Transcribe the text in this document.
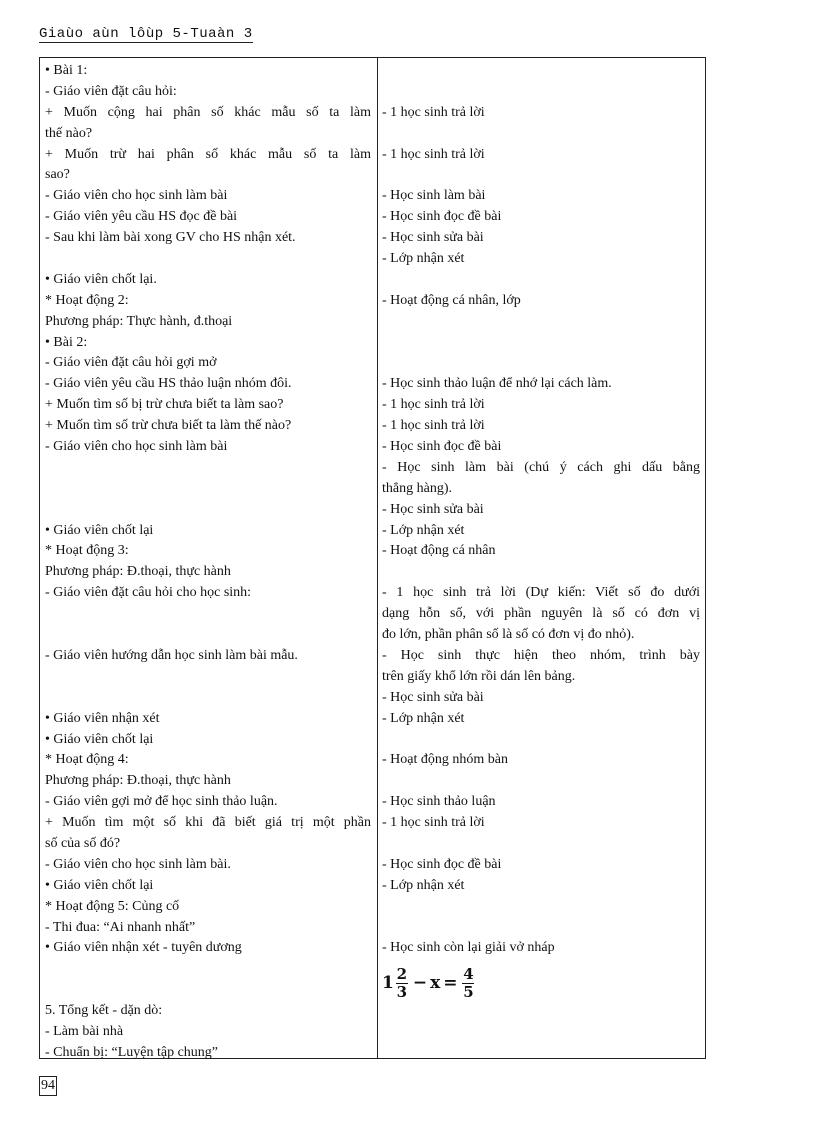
Giaùo aùn lôùp 5-Tuaàn 3
• Bài 1:
- Giáo viên đặt câu hỏi:
+ Muốn cộng hai phân số khác mẫu số ta làm
thế nào?
+ Muốn trừ hai phân số khác mẫu số ta làm
sao?
- Giáo viên cho học sinh làm bài
- Giáo viên yêu cầu HS đọc đề bài
- Sau khi làm bài xong GV cho HS nhận xét.
• Giáo viên chốt lại.
* Hoạt động 2:
Phương pháp: Thực hành, đ.thoại
• Bài 2:
- Giáo viên đặt câu hỏi gợi mở
- Giáo viên yêu cầu HS thảo luận nhóm đôi.
+ Muốn tìm số bị trừ chưa biết ta làm sao?
+ Muốn tìm số trừ chưa biết ta làm thế nào?
- Giáo viên cho học sinh làm bài
• Giáo viên chốt lại
* Hoạt động 3:
Phương pháp: Đ.thoại, thực hành
- Giáo viên đặt câu hỏi cho học sinh:
- Giáo viên hướng dẫn học sinh làm bài mẫu.
• Giáo viên nhận xét
• Giáo viên chốt lại
* Hoạt động 4:
Phương pháp: Đ.thoại, thực hành
- Giáo viên gợi mở để học sinh thảo luận.
+ Muốn tìm một số khi đã biết giá trị một phần
số của số đó?
- Giáo viên cho học sinh làm bài.
• Giáo viên chốt lại
* Hoạt động 5: Củng cố
- Thi đua: “Ai nhanh nhất”
• Giáo viên nhận xét - tuyên dương
5. Tổng kết - dặn dò:
- Làm bài nhà
- Chuẩn bị: “Luyện tập chung”
- 1 học sinh trả lời
- 1 học sinh trả lời
- Học sinh làm bài
- Học sinh đọc đề bài
- Học sinh sửa bài
- Lớp nhận xét
- Hoạt động cá nhân, lớp
- Học sinh thảo luận để nhớ lại cách làm.
- 1 học sinh trả lời
- 1 học sinh trả lời
- Học sinh đọc đề bài
- Học sinh làm bài (chú ý cách ghi dấu bằng
thẳng hàng).
- Học sinh sửa bài
- Lớp nhận xét
- Hoạt động cá nhân
- 1 học sinh trả lời (Dự kiến: Viết số đo dưới
dạng hỗn số, với phần nguyên là số có đơn vị
đo lớn, phần phân số là số có đơn vị đo nhỏ).
- Học sinh thực hiện theo nhóm, trình bày
trên giấy khổ lớn rồi dán lên bảng.
- Học sinh sửa bài
- Lớp nhận xét
- Hoạt động nhóm bàn
- Học sinh thảo luận
- 1 học sinh trả lời
- Học sinh đọc đề bài
- Lớp nhận xét
- Học sinh còn lại giải vở nháp
$1 \frac{2}{3} - x = \frac{4}{5}$
94
